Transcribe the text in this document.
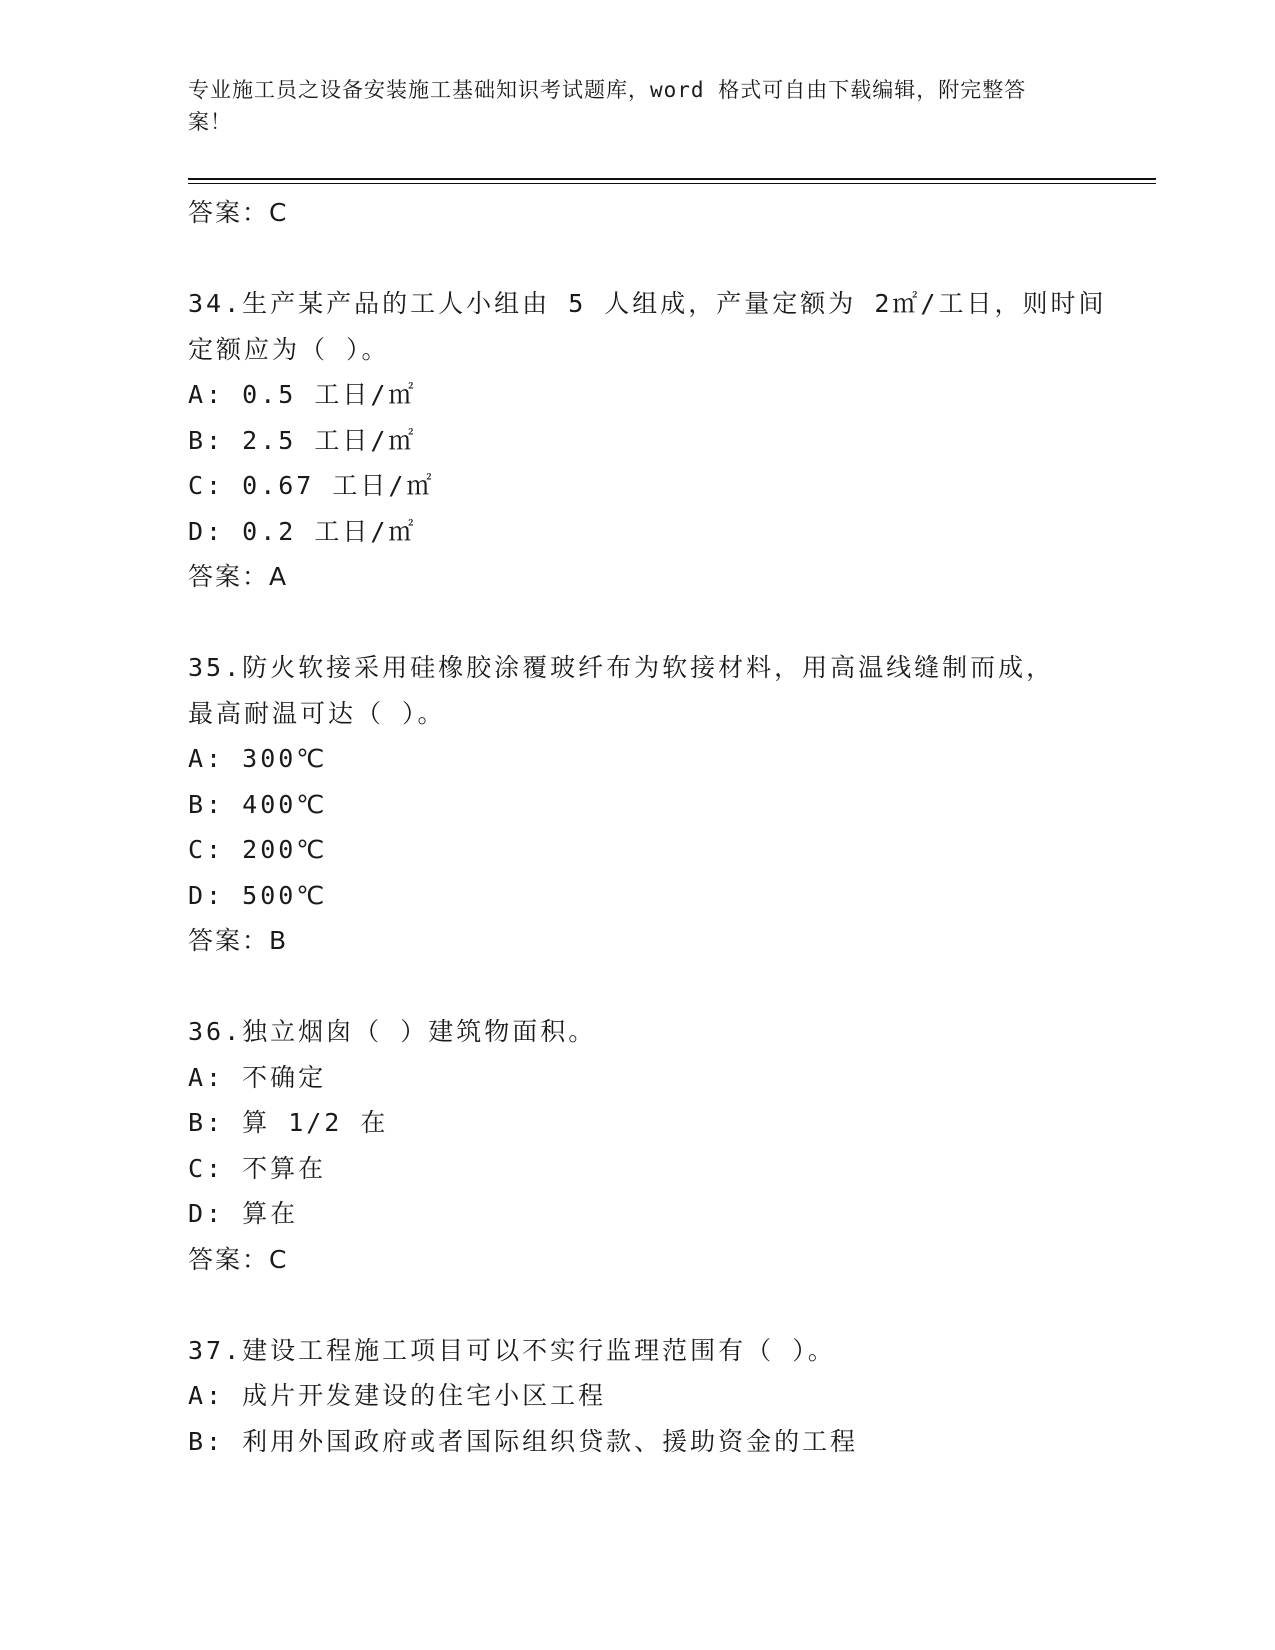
专业施工员之设备安装施工基础知识考试题库，word 格式可自由下载编辑，附完整答案！
答案：C
34.生产某产品的工人小组由 5 人组成，产量定额为 2㎡/工日，则时间
定额应为（ ）。
A: 0.5 工日/㎡
B: 2.5 工日/㎡
C: 0.67 工日/㎡
D: 0.2 工日/㎡
答案：A
35.防火软接采用硅橡胶涂覆玻纤布为软接材料，用高温线缝制而成，
最高耐温可达（ ）。
A: 300℃
B: 400℃
C: 200℃
D: 500℃
答案：B
36.独立烟囱（ ）建筑物面积。
A: 不确定
B: 算 1/2 在
C: 不算在
D: 算在
答案：C
37.建设工程施工项目可以不实行监理范围有（ ）。
A: 成片开发建设的住宅小区工程
B: 利用外国政府或者国际组织贷款、援助资金的工程
